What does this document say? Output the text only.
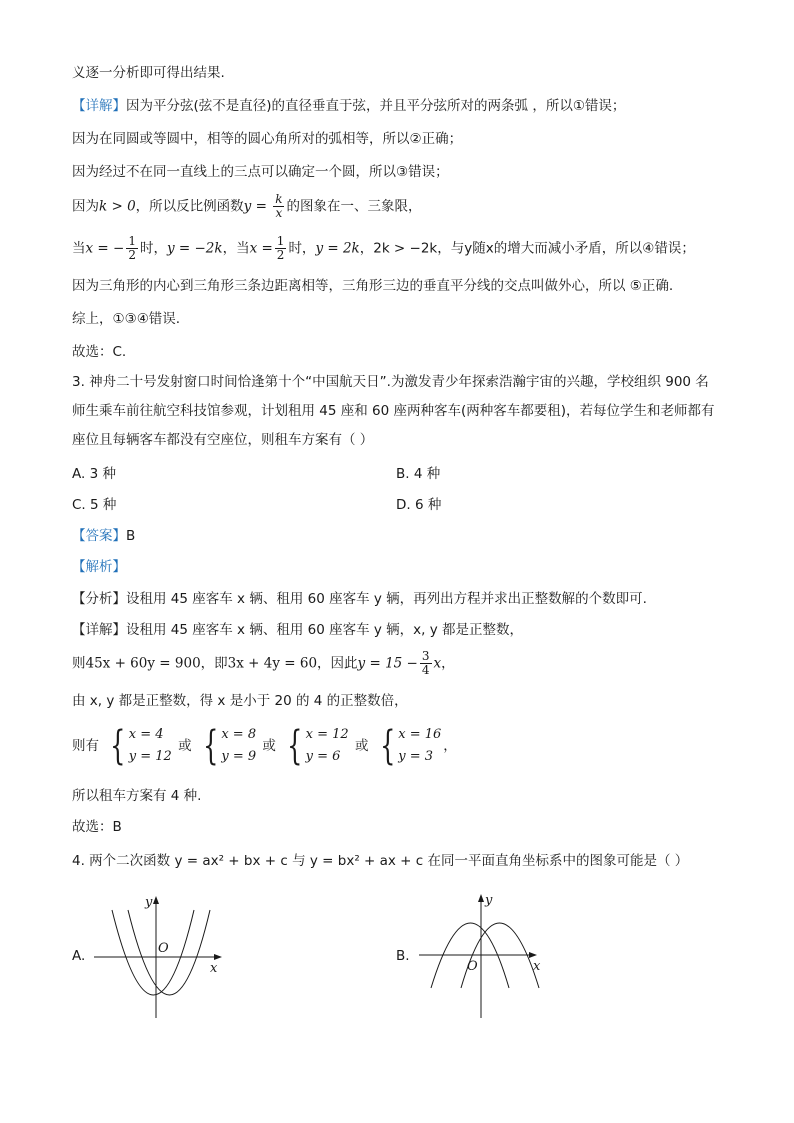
义逐一分析即可得出结果.
【详解】因为平分弦(弦不是直径)的直径垂直于弦，并且平分弦所对的两条弧 ，所以①错误；
因为在同圆或等圆中，相等的圆心角所对的弧相等，所以②正确；
因为经过不在同一直线上的三点可以确定一个圆，所以③错误；
因为k > 0，所以反比例函数$y = \frac{k}{x}$ 的图象在一、三象限，
当x = − $\frac{1}{2}$ 时，y = −2k，当$x = \frac{1}{2}$ 时，y = 2k，2k > −2k，与y随x的增大而减小矛盾，所以④错误；
因为三角形的内心到三角形三条边距离相等，三角形三边的垂直平分线的交点叫做外心，所以 ⑤正确.
综上，①③④错误.
故选：C.
3. 神舟二十号发射窗口时间恰逢第十个“中国航天日”.为激发青少年探索浩瀚宇宙的兴趣，学校组织 900 名
师生乘车前往航空科技馆参观，计划租用 45 座和 60 座两种客车(两种客车都要租)，若每位学生和老师都有
座位且每辆客车都没有空座位，则租车方案有（ ）
A. 3 种	B. 4 种
C. 5 种	D. 6 种
【答案】B
【解析】
【分析】设租用 45 座客车 x 辆、租用 60 座客车 y 辆，再列出方程并求出正整数解的个数即可.
【详解】设租用 45 座客车 x 辆、租用 60 座客车 y 辆，x, y 都是正整数，
则45x + 60y = 900，即3x + 4y = 60，因此$y = 15 - \frac{3}{4}$ x，
由 x, y 都是正整数，得 x 是小于 20 的 4 的正整数倍，
则有 { x = 4
y = 12
或 { x = 8
y = 9
或 { x = 12
y = 6
或 { x = 16
y = 3
，
所以租车方案有 4 种.
故选：B
4. 两个二次函数 y = ax² + bx + c 与 y = bx² + ax + c 在同一平面直角坐标系中的图象可能是（ ）
A.
y
x
O	B.
y
x
O
